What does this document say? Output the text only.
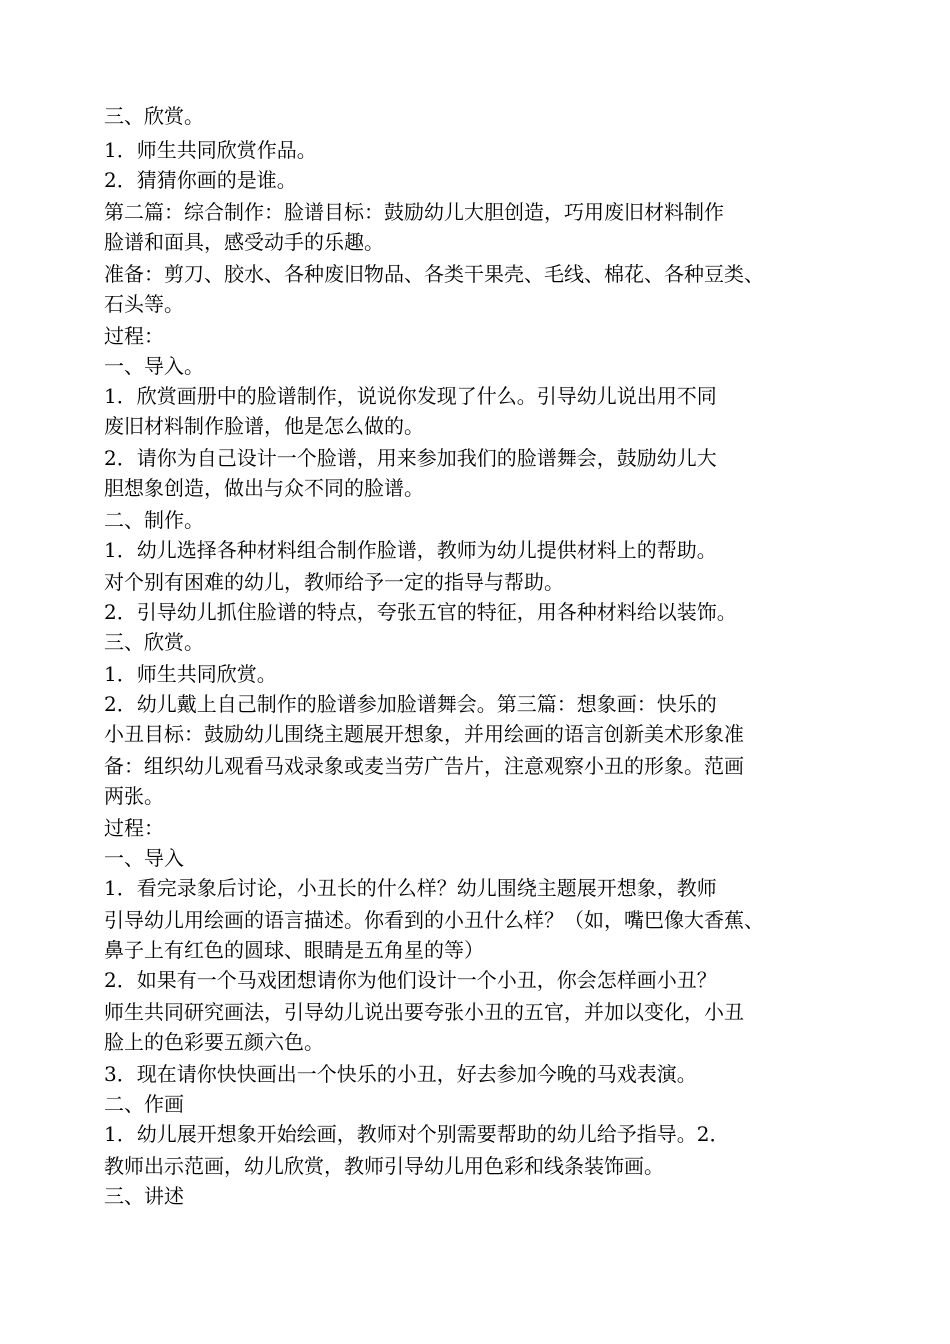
三、欣赏。
1．师生共同欣赏作品。
2．猜猜你画的是谁。
第二篇：综合制作：脸谱目标：鼓励幼儿大胆创造，巧用废旧材料制作
脸谱和面具，感受动手的乐趣。
准备：剪刀、胶水、各种废旧物品、各类干果壳、毛线、棉花、各种豆类、
石头等。
过程：
一、导入。
1．欣赏画册中的脸谱制作，说说你发现了什么。引导幼儿说出用不同
废旧材料制作脸谱，他是怎么做的。
2．请你为自己设计一个脸谱，用来参加我们的脸谱舞会，鼓励幼儿大
胆想象创造，做出与众不同的脸谱。
二、制作。
1．幼儿选择各种材料组合制作脸谱，教师为幼儿提供材料上的帮助。
对个别有困难的幼儿，教师给予一定的指导与帮助。
2．引导幼儿抓住脸谱的特点，夸张五官的特征，用各种材料给以装饰。
三、欣赏。
1．师生共同欣赏。
2．幼儿戴上自己制作的脸谱参加脸谱舞会。第三篇：想象画：快乐的
小丑目标：鼓励幼儿围绕主题展开想象，并用绘画的语言创新美术形象准
备：组织幼儿观看马戏录象或麦当劳广告片，注意观察小丑的形象。范画
两张。
过程：
一、导入
1．看完录象后讨论，小丑长的什么样？幼儿围绕主题展开想象，教师
引导幼儿用绘画的语言描述。你看到的小丑什么样？（如，嘴巴像大香蕉、
鼻子上有红色的圆球、眼睛是五角星的等）
2．如果有一个马戏团想请你为他们设计一个小丑，你会怎样画小丑？
师生共同研究画法，引导幼儿说出要夸张小丑的五官，并加以变化，小丑
脸上的色彩要五颜六色。
3．现在请你快快画出一个快乐的小丑，好去参加今晚的马戏表演。
二、作画
1．幼儿展开想象开始绘画，教师对个别需要帮助的幼儿给予指导。2．
教师出示范画，幼儿欣赏，教师引导幼儿用色彩和线条装饰画。
三、讲述
